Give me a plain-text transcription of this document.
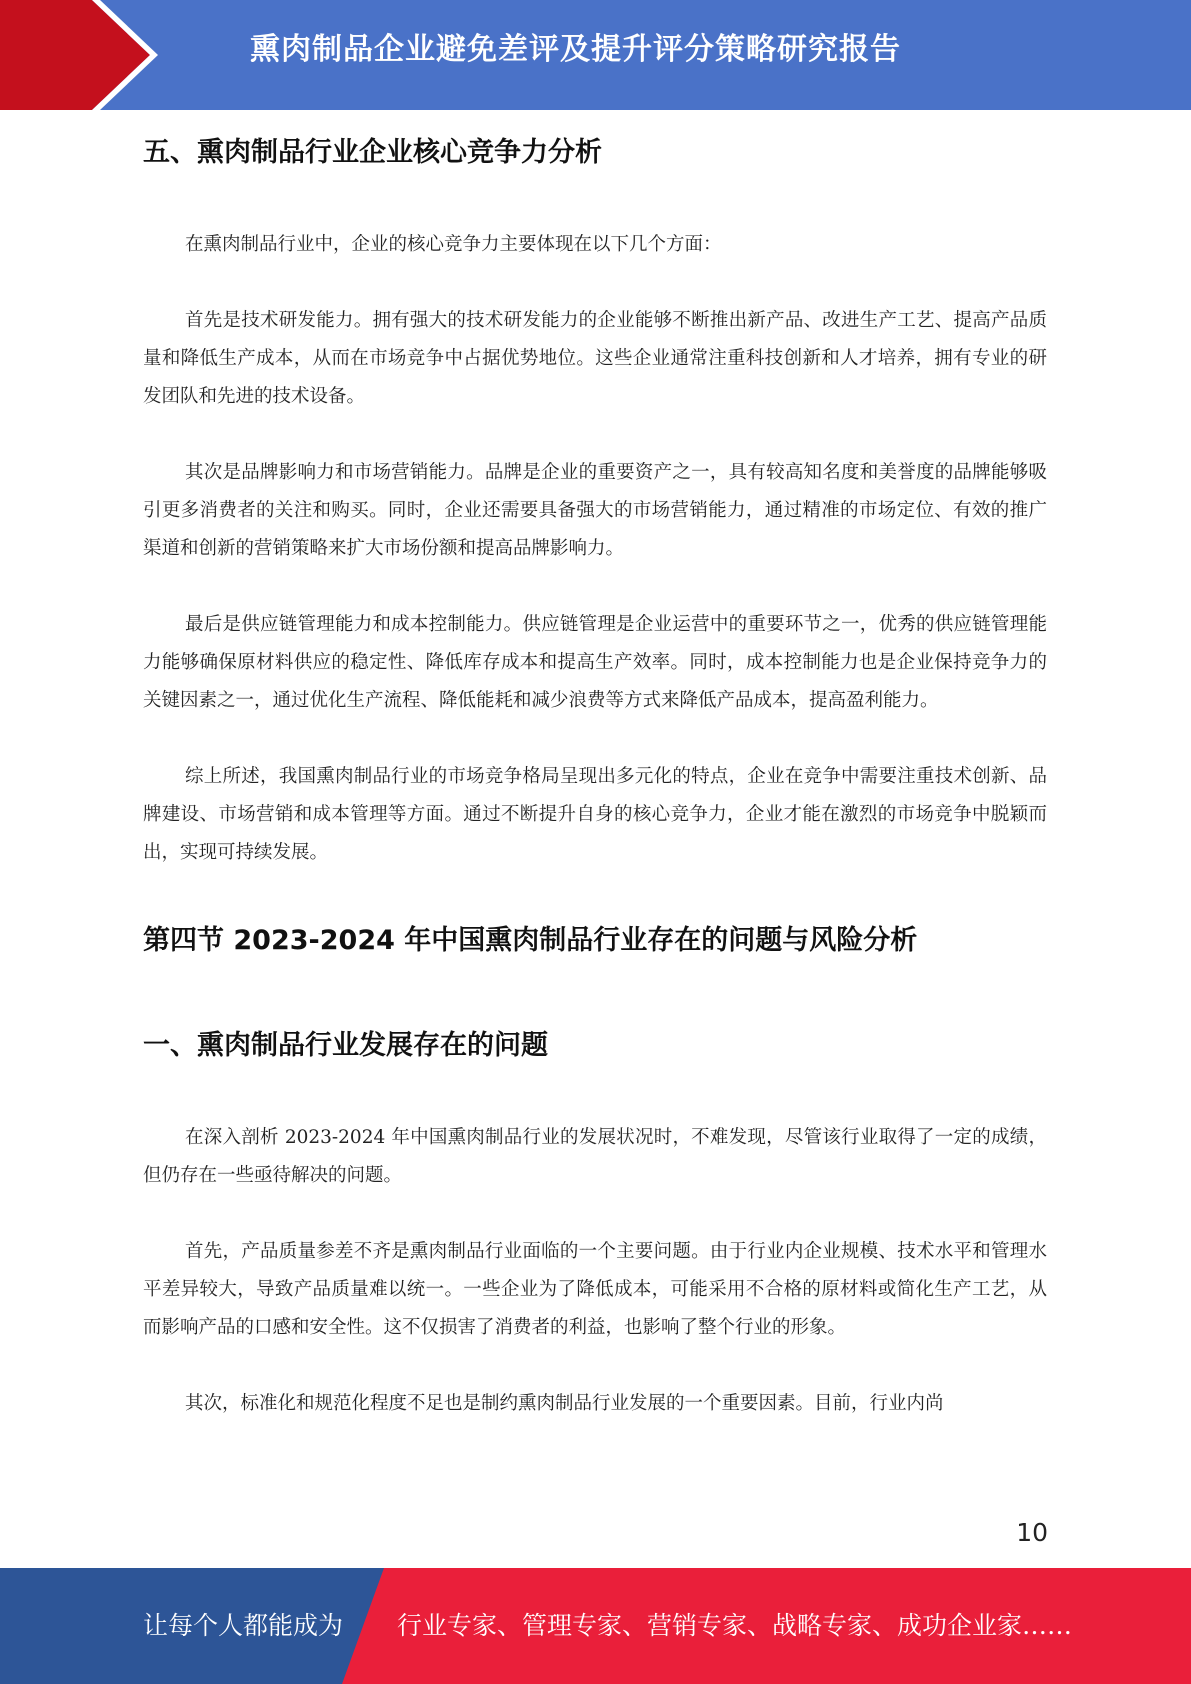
熏肉制品企业避免差评及提升评分策略研究报告
五、熏肉制品行业企业核心竞争力分析

在熏肉制品行业中，企业的核心竞争力主要体现在以下几个方面：

首先是技术研发能力。拥有强大的技术研发能力的企业能够不断推出新产品、改进生产工艺、提高产品质量和降低生产成本，从而在市场竞争中占据优势地位。这些企业通常注重科技创新和人才培养，拥有专业的研发团队和先进的技术设备。

其次是品牌影响力和市场营销能力。品牌是企业的重要资产之一，具有较高知名度和美誉度的品牌能够吸引更多消费者的关注和购买。同时，企业还需要具备强大的市场营销能力，通过精准的市场定位、有效的推广渠道和创新的营销策略来扩大市场份额和提高品牌影响力。

最后是供应链管理能力和成本控制能力。供应链管理是企业运营中的重要环节之一，优秀的供应链管理能力能够确保原材料供应的稳定性、降低库存成本和提高生产效率。同时，成本控制能力也是企业保持竞争力的关键因素之一，通过优化生产流程、降低能耗和减少浪费等方式来降低产品成本，提高盈利能力。

综上所述，我国熏肉制品行业的市场竞争格局呈现出多元化的特点，企业在竞争中需要注重技术创新、品牌建设、市场营销和成本管理等方面。通过不断提升自身的核心竞争力，企业才能在激烈的市场竞争中脱颖而出，实现可持续发展。

第四节 2023-2024 年中国熏肉制品行业存在的问题与风险分析
一、熏肉制品行业发展存在的问题

在深入剖析 2023-2024 年中国熏肉制品行业的发展状况时，不难发现，尽管该行业取得了一定的成绩，但仍存在一些亟待解决的问题。

首先，产品质量参差不齐是熏肉制品行业面临的一个主要问题。由于行业内企业规模、技术水平和管理水平差异较大，导致产品质量难以统一。一些企业为了降低成本，可能采用不合格的原材料或简化生产工艺，从而影响产品的口感和安全性。这不仅损害了消费者的利益，也影响了整个行业的形象。

其次，标准化和规范化程度不足也是制约熏肉制品行业发展的一个重要因素。目前，行业内尚

10
让每个人都能成为 行业专家、管理专家、营销专家、战略专家、成功企业家……
